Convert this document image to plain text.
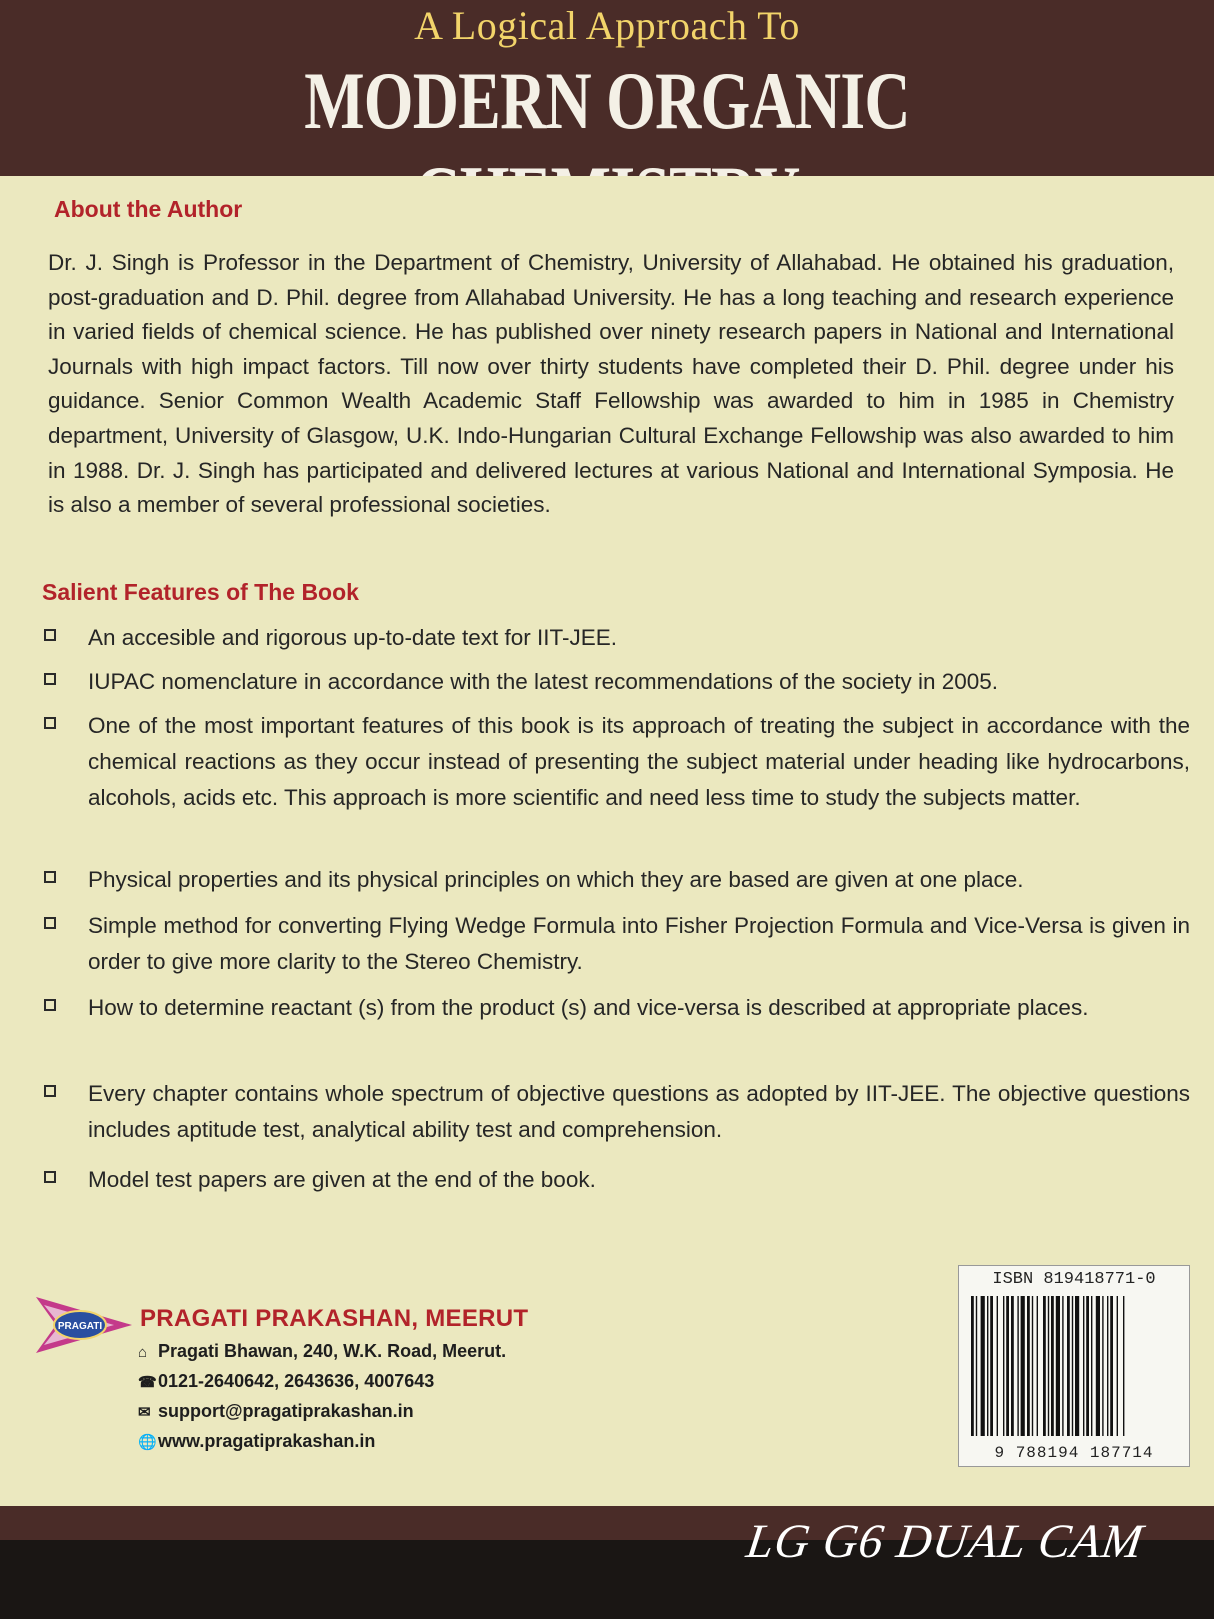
A Logical Approach To
MODERN ORGANIC
About the Author
Dr. J. Singh is Professor in the Department of Chemistry, University of Allahabad. He obtained his graduation, post-graduation and D. Phil. degree from Allahabad University. He has a long teaching and research experience in varied fields of chemical science. He has published over ninety research papers in National and International Journals with high impact factors. Till now over thirty students have completed their D. Phil. degree under his guidance. Senior Common Wealth Academic Staff Fellowship was awarded to him in 1985 in Chemistry department, University of Glasgow, U.K. Indo-Hungarian Cultural Exchange Fellowship was also awarded to him in 1988. Dr. J. Singh has participated and delivered lectures at various National and International Symposia. He is also a member of several professional societies.
Salient Features of The Book
An accesible and rigorous up-to-date text for IIT-JEE.
IUPAC nomenclature in accordance with the latest recommendations of the society in 2005.
One of the most important features of this book is its approach of treating the subject in accordance with the chemical reactions as they occur instead of presenting the subject material under heading like hydrocarbons, alcohols, acids etc. This approach is more scientific and need less time to study the subjects matter.
Physical properties and its physical principles on which they are based are given at one place.
Simple method for converting Flying Wedge Formula into Fisher Projection Formula and Vice-Versa is given in order to give more clarity to the Stereo Chemistry.
How to determine reactant (s) from the product (s) and vice-versa is described at appropriate places.
Every chapter contains whole spectrum of objective questions as adopted by IIT-JEE. The objective questions includes aptitude test, analytical ability test and comprehension.
Model test papers are given at the end of the book.
PRAGATI PRAGATI PRAKASHAN, MEERUT
⌂ Pragati Bhawan, 240, W.K. Road, Meerut.
☎0121-2640642, 2643636, 4007643
✉ support@pragatiprakashan.in
🌐www.pragatiprakashan.in
ISBN 819418771-0
9 788194 187714
LG G6 DUAL CAM
